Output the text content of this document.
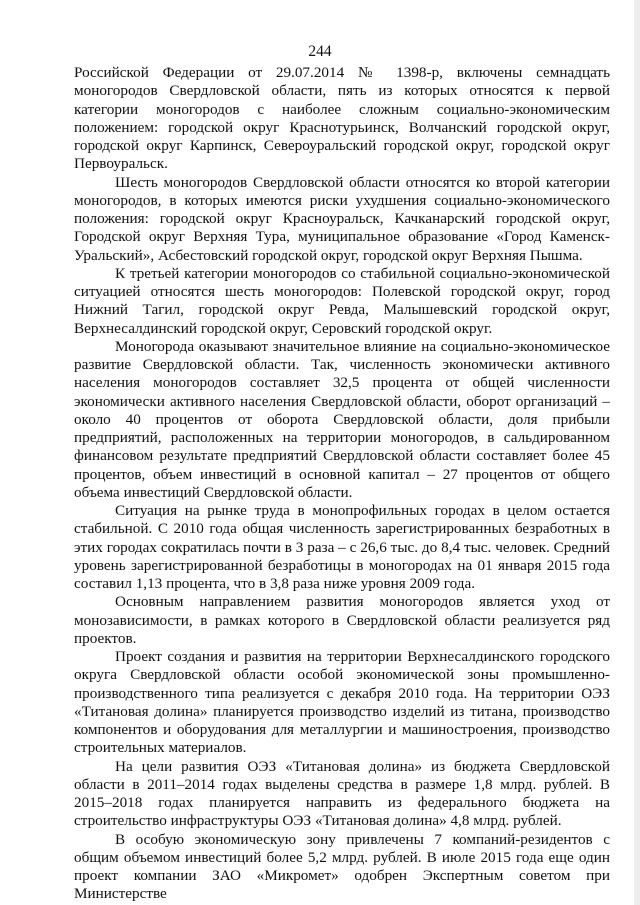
244

Российской Федерации от 29.07.2014 № 1398-р, включены семнадцать моногородов Свердловской области, пять из которых относятся к первой категории моногородов с наиболее сложным социально-экономическим положением: городской округ Краснотурьинск, Волчанский городской округ, городской округ Карпинск, Североуральский городской округ, городской округ Первоуральск.

Шесть моногородов Свердловской области относятся ко второй категории моногородов, в которых имеются риски ухудшения социально-экономического положения: городской округ Красноуральск, Качканарский городской округ, Городской округ Верхняя Тура, муниципальное образование «Город Каменск-Уральский», Асбестовский городской округ, городской округ Верхняя Пышма.

К третьей категории моногородов со стабильной социально-экономической ситуацией относятся шесть моногородов: Полевской городской округ, город Нижний Тагил, городской округ Ревда, Малышевский городской округ, Верхнесалдинский городской округ, Серовский городской округ.

Моногорода оказывают значительное влияние на социально-экономическое развитие Свердловской области. Так, численность экономически активного населения моногородов составляет 32,5 процента от общей численности экономически активного населения Свердловской области, оборот организаций – около 40 процентов от оборота Свердловской области, доля прибыли предприятий, расположенных на территории моногородов, в сальдированном финансовом результате предприятий Свердловской области составляет более 45 процентов, объем инвестиций в основной капитал – 27 процентов от общего объема инвестиций Свердловской области.

Ситуация на рынке труда в монопрофильных городах в целом остается стабильной. С 2010 года общая численность зарегистрированных безработных в этих городах сократилась почти в 3 раза – с 26,6 тыс. до 8,4 тыс. человек. Средний уровень зарегистрированной безработицы в моногородах на 01 января 2015 года составил 1,13 процента, что в 3,8 раза ниже уровня 2009 года.

Основным направлением развития моногородов является уход от монозависимости, в рамках которого в Свердловской области реализуется ряд проектов.

Проект создания и развития на территории Верхнесалдинского городского округа Свердловской области особой экономической зоны промышленно-производственного типа реализуется с декабря 2010 года. На территории ОЭЗ «Титановая долина» планируется производство изделий из титана, производство компонентов и оборудования для металлургии и машиностроения, производство строительных материалов.

На цели развития ОЭЗ «Титановая долина» из бюджета Свердловской области в 2011–2014 годах выделены средства в размере 1,8 млрд. рублей. В 2015–2018 годах планируется направить из федерального бюджета на строительство инфраструктуры ОЭЗ «Титановая долина» 4,8 млрд. рублей.

В особую экономическую зону привлечены 7 компаний-резидентов с общим объемом инвестиций более 5,2 млрд. рублей. В июле 2015 года еще один проект компании ЗАО «Микромет» одобрен Экспертным советом при Министерстве
